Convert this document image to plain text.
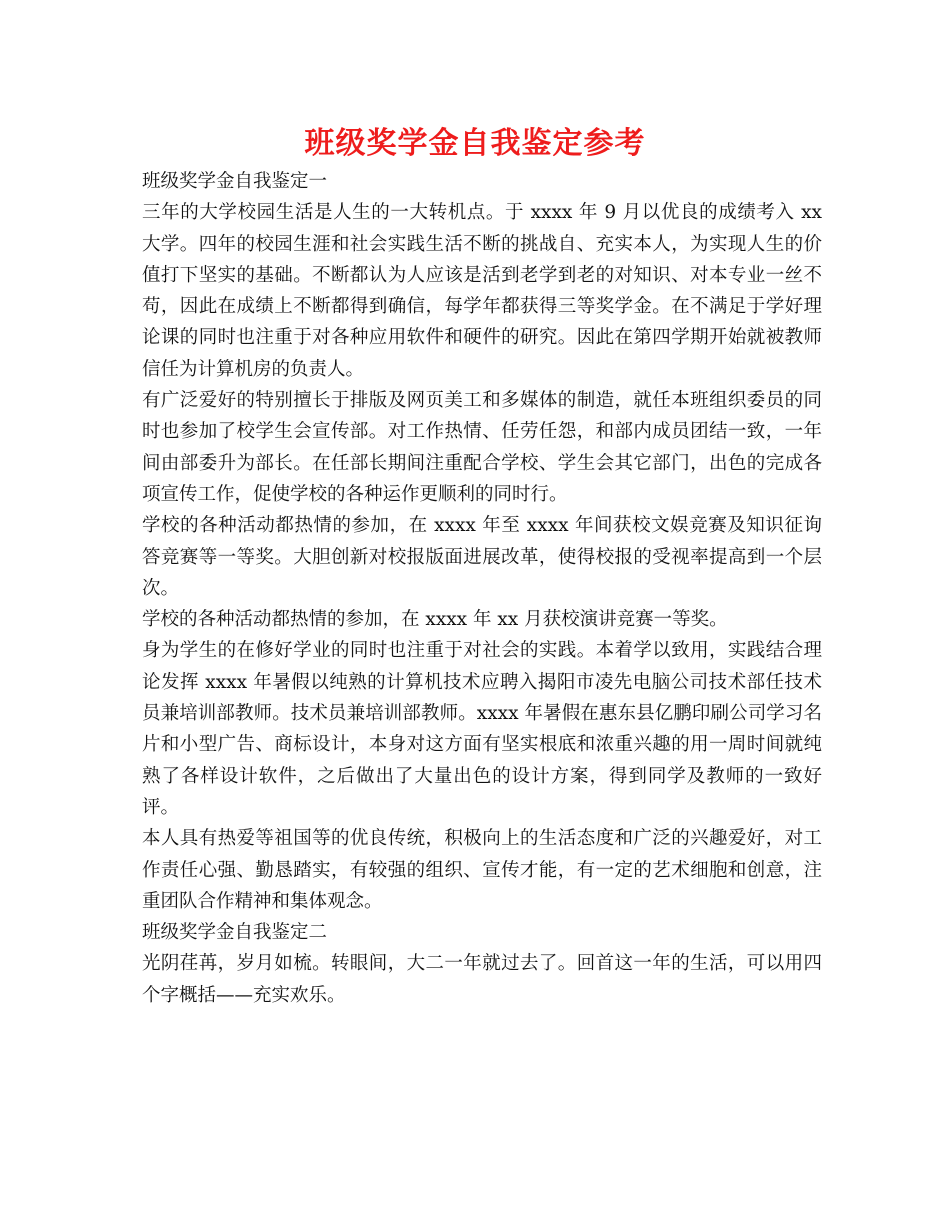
班级奖学金自我鉴定参考

班级奖学金自我鉴定一

三年的大学校园生活是人生的一大转机点。于 xxxx 年 9 月以优良的成绩考入 xx 大学。四年的校园生涯和社会实践生活不断的挑战自、充实本人，为实现人生的价值打下坚实的基础。不断都认为人应该是活到老学到老的对知识、对本专业一丝不苟，因此在成绩上不断都得到确信，每学年都获得三等奖学金。在不满足于学好理论课的同时也注重于对各种应用软件和硬件的研究。因此在第四学期开始就被教师信任为计算机房的负责人。

有广泛爱好的特别擅长于排版及网页美工和多媒体的制造，就任本班组织委员的同时也参加了校学生会宣传部。对工作热情、任劳任怨，和部内成员团结一致，一年间由部委升为部长。在任部长期间注重配合学校、学生会其它部门，出色的完成各项宣传工作，促使学校的各种运作更顺利的同时行。

学校的各种活动都热情的参加，在 xxxx 年至 xxxx 年间获校文娱竞赛及知识征询答竞赛等一等奖。大胆创新对校报版面进展改革，使得校报的受视率提高到一个层次。

学校的各种活动都热情的参加，在 xxxx 年 xx 月获校演讲竞赛一等奖。

身为学生的在修好学业的同时也注重于对社会的实践。本着学以致用，实践结合理论发挥 xxxx 年暑假以纯熟的计算机技术应聘入揭阳市凌先电脑公司技术部任技术员兼培训部教师。技术员兼培训部教师。xxxx 年暑假在惠东县亿鹏印刷公司学习名片和小型广告、商标设计，本身对这方面有坚实根底和浓重兴趣的用一周时间就纯熟了各样设计软件，之后做出了大量出色的设计方案，得到同学及教师的一致好评。

本人具有热爱等祖国等的优良传统，积极向上的生活态度和广泛的兴趣爱好，对工作责任心强、勤恳踏实，有较强的组织、宣传才能，有一定的艺术细胞和创意，注重团队合作精神和集体观念。

班级奖学金自我鉴定二

光阴荏苒，岁月如梳。转眼间，大二一年就过去了。回首这一年的生活，可以用四个字概括——充实欢乐。
